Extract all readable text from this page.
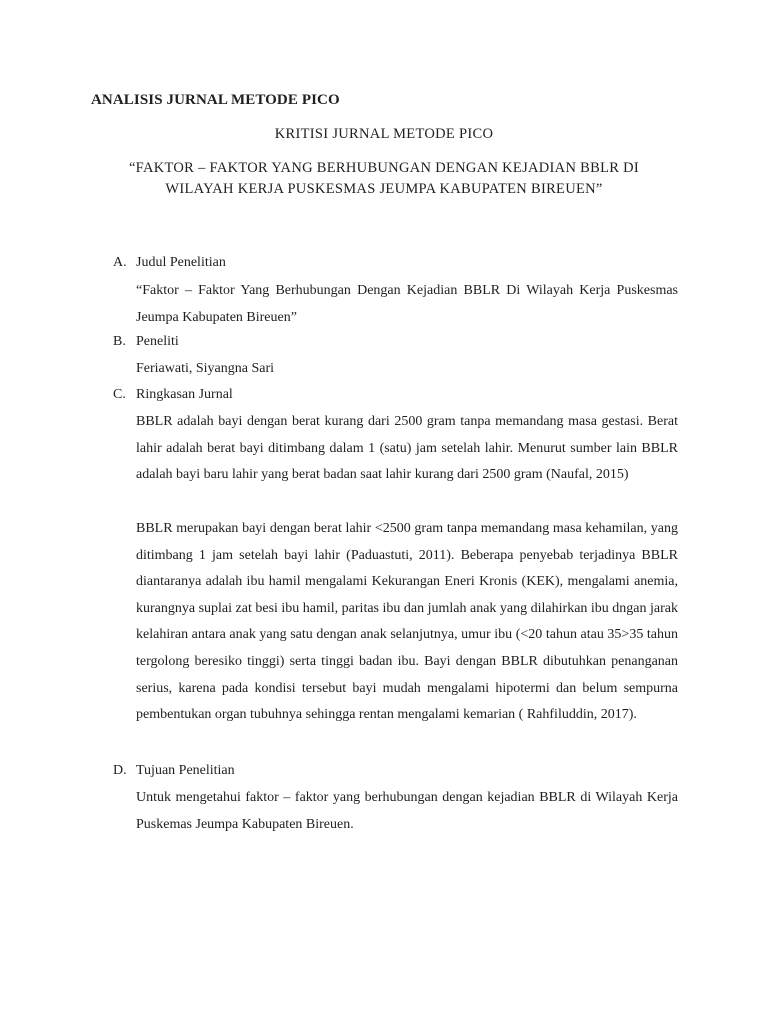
ANALISIS JURNAL METODE PICO
KRITISI JURNAL METODE PICO
“FAKTOR – FAKTOR YANG BERHUBUNGAN DENGAN KEJADIAN BBLR DI
WILAYAH KERJA PUSKESMAS JEUMPA KABUPATEN BIREUEN”
A. Judul Penelitian

“Faktor – Faktor Yang Berhubungan Dengan Kejadian BBLR Di Wilayah Kerja Puskesmas Jeumpa Kabupaten Bireuen”

B. Peneliti
Feriawati, Siyangna Sari
C. Ringkasan Jurnal

BBLR adalah bayi dengan berat kurang dari 2500 gram tanpa memandang masa gestasi. Berat lahir adalah berat bayi ditimbang dalam 1 (satu) jam setelah lahir. Menurut sumber lain BBLR adalah bayi baru lahir yang berat badan saat lahir kurang dari 2500 gram (Naufal, 2015)

BBLR merupakan bayi dengan berat lahir <2500 gram tanpa memandang masa kehamilan, yang ditimbang 1 jam setelah bayi lahir (Paduastuti, 2011). Beberapa penyebab terjadinya BBLR diantaranya adalah ibu hamil mengalami Kekurangan Eneri Kronis (KEK), mengalami anemia, kurangnya suplai zat besi ibu hamil, paritas ibu dan jumlah anak yang dilahirkan ibu dngan jarak kelahiran antara anak yang satu dengan anak selanjutnya, umur ibu (<20 tahun atau 35>35 tahun tergolong beresiko tinggi) serta tinggi badan ibu. Bayi dengan BBLR dibutuhkan penanganan serius, karena pada kondisi tersebut bayi mudah mengalami hipotermi dan belum sempurna pembentukan organ tubuhnya sehingga rentan mengalami kemarian ( Rahfiluddin, 2017).

D. Tujuan Penelitian

Untuk mengetahui faktor – faktor yang berhubungan dengan kejadian BBLR di Wilayah Kerja Puskemas Jeumpa Kabupaten Bireuen.
